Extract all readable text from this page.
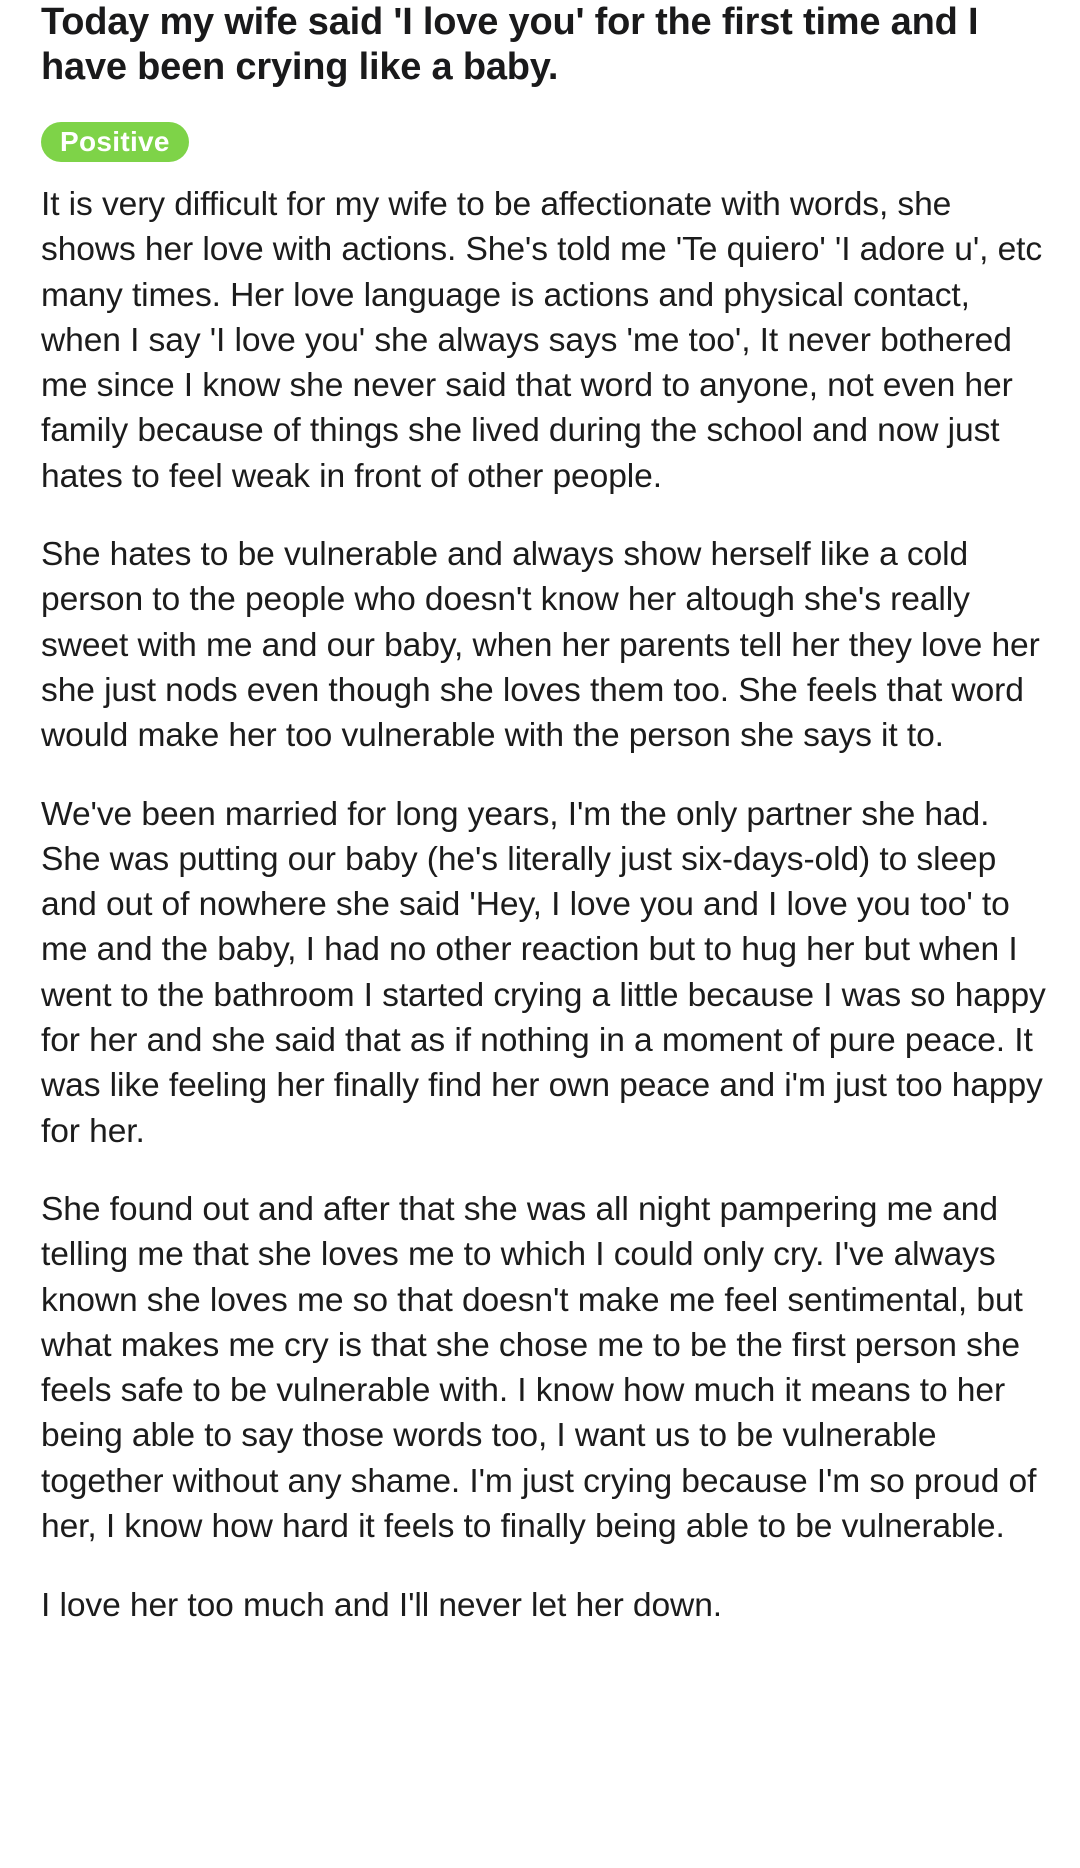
Today my wife said 'I love you' for the first time and I have been crying like a baby.
Positive

It is very difficult for my wife to be affectionate with words, she shows her love with actions. She's told me 'Te quiero' 'I adore u', etc many times. Her love language is actions and physical contact, when I say 'I love you' she always says 'me too', It never bothered me since I know she never said that word to anyone, not even her family because of things she lived during the school and now just hates to feel weak in front of other people.

She hates to be vulnerable and always show herself like a cold person to the people who doesn't know her altough she's really sweet with me and our baby, when her parents tell her they love her she just nods even though she loves them too. She feels that word would make her too vulnerable with the person she says it to.

We've been married for long years, I'm the only partner she had. She was putting our baby (he's literally just six-days-old) to sleep and out of nowhere she said 'Hey, I love you and I love you too' to me and the baby, I had no other reaction but to hug her but when I went to the bathroom I started crying a little because I was so happy for her and she said that as if nothing in a moment of pure peace. It was like feeling her finally find her own peace and i'm just too happy for her.

She found out and after that she was all night pampering me and telling me that she loves me to which I could only cry. I've always known she loves me so that doesn't make me feel sentimental, but what makes me cry is that she chose me to be the first person she feels safe to be vulnerable with. I know how much it means to her being able to say those words too, I want us to be vulnerable together without any shame. I'm just crying because I'm so proud of her, I know how hard it feels to finally being able to be vulnerable.

I love her too much and I'll never let her down.
